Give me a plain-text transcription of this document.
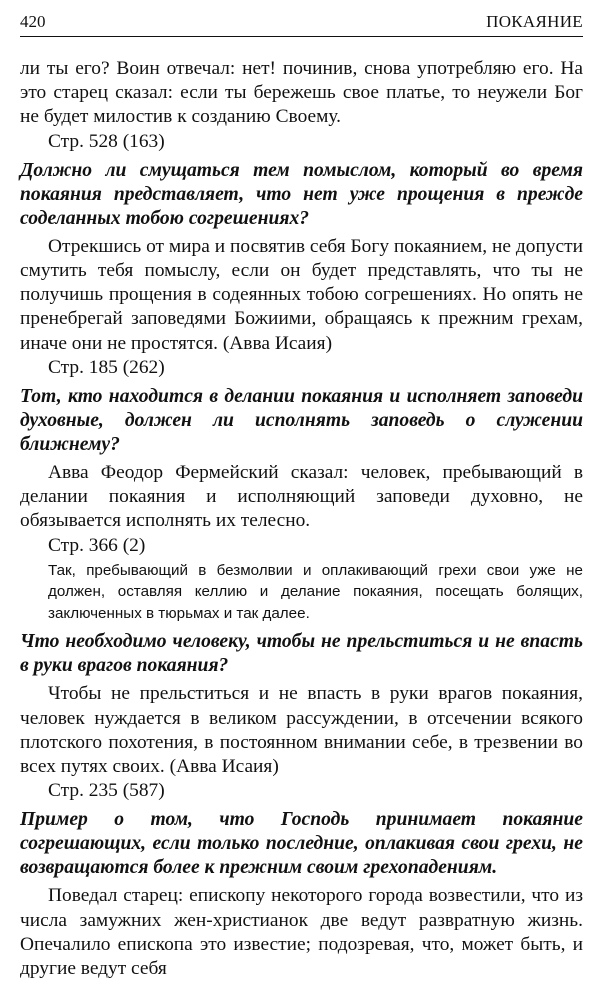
420	ПОКАЯНИЕ

ли ты его? Воин отвечал: нет! починив, снова употребляю его. На это старец сказал: если ты бережешь свое платье, то неужели Бог не будет милостив к созданию Своему.

Стр. 528 (163)

Должно ли смущаться тем помыслом, который во время покаяния представляет, что нет уже прощения в прежде соделанных тобою согрешениях?

Отрекшись от мира и посвятив себя Богу покаянием, не допусти смутить тебя помыслу, если он будет представлять, что ты не получишь прощения в содеянных тобою согрешениях. Но опять не пренебрегай заповедями Божиими, обращаясь к прежним грехам, иначе они не простятся. (Авва Исаия)

Стр. 185 (262)

Тот, кто находится в делании покаяния и исполняет заповеди духовные, должен ли исполнять заповедь о служении ближнему?

Авва Феодор Фермейский сказал: человек, пребывающий в делании покаяния и исполняющий заповеди духовно, не обязывается исполнять их телесно.

Стр. 366 (2)

Так, пребывающий в безмолвии и оплакивающий грехи свои уже не должен, оставляя келлию и делание покаяния, посещать болящих, заключенных в тюрьмах и так далее.

Что необходимо человеку, чтобы не прельститься и не впасть в руки врагов покаяния?

Чтобы не прельститься и не впасть в руки врагов покаяния, человек нуждается в великом рассуждении, в отсечении всякого плотского похотения, в постоянном внимании себе, в трезвении во всех путях своих. (Авва Исаия)

Стр. 235 (587)

Пример о том, что Господь принимает покаяние согрешающих, если только последние, оплакивая свои грехи, не возвращаются более к прежним своим грехопадениям.

Поведал старец: епископу некоторого города возвестили, что из числа замужних жен-христианок две ведут развратную жизнь. Опечалило епископа это известие; подозревая, что, может быть, и другие ведут себя
